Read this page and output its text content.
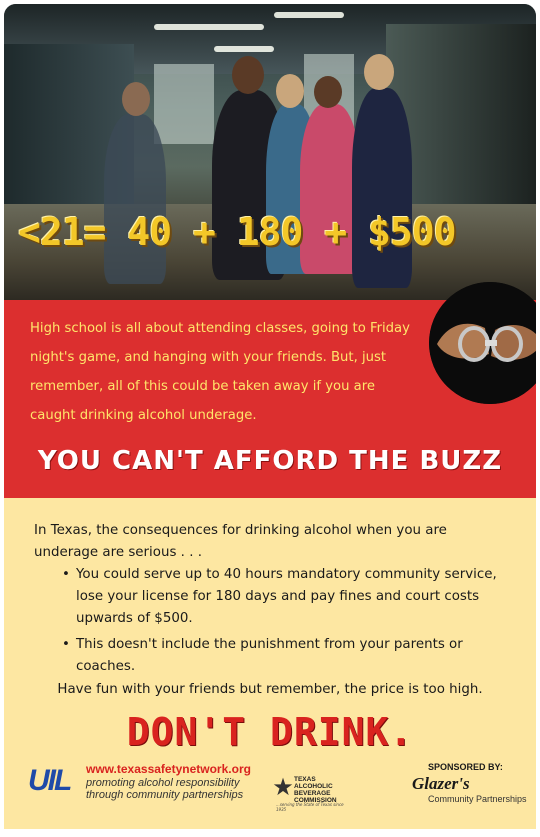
<21= 40 + 180 + $500
High school is all about attending classes, going to Friday night's game, and hanging with your friends. But, just remember, all of this could be taken away if you are caught drinking alcohol underage.
YOU CAN'T AFFORD THE BUZZ
In Texas, the consequences for drinking alcohol when you are underage are serious . . .
• You could serve up to 40 hours mandatory community service, lose your license for 180 days and pay fines and court costs upwards of $500.
• This doesn't include the punishment from your parents or coaches.
Have fun with your friends but remember, the price is too high.
DON'T DRINK.
UIL www.texassafetynetwork.org
promoting alcohol responsibility through community partnerships	★ TEXAS ALCOHOLIC BEVERAGE COMMISSION
...serving the State of Texas since 1935
SPONSORED BY:
Glazer's
Community Partnerships
